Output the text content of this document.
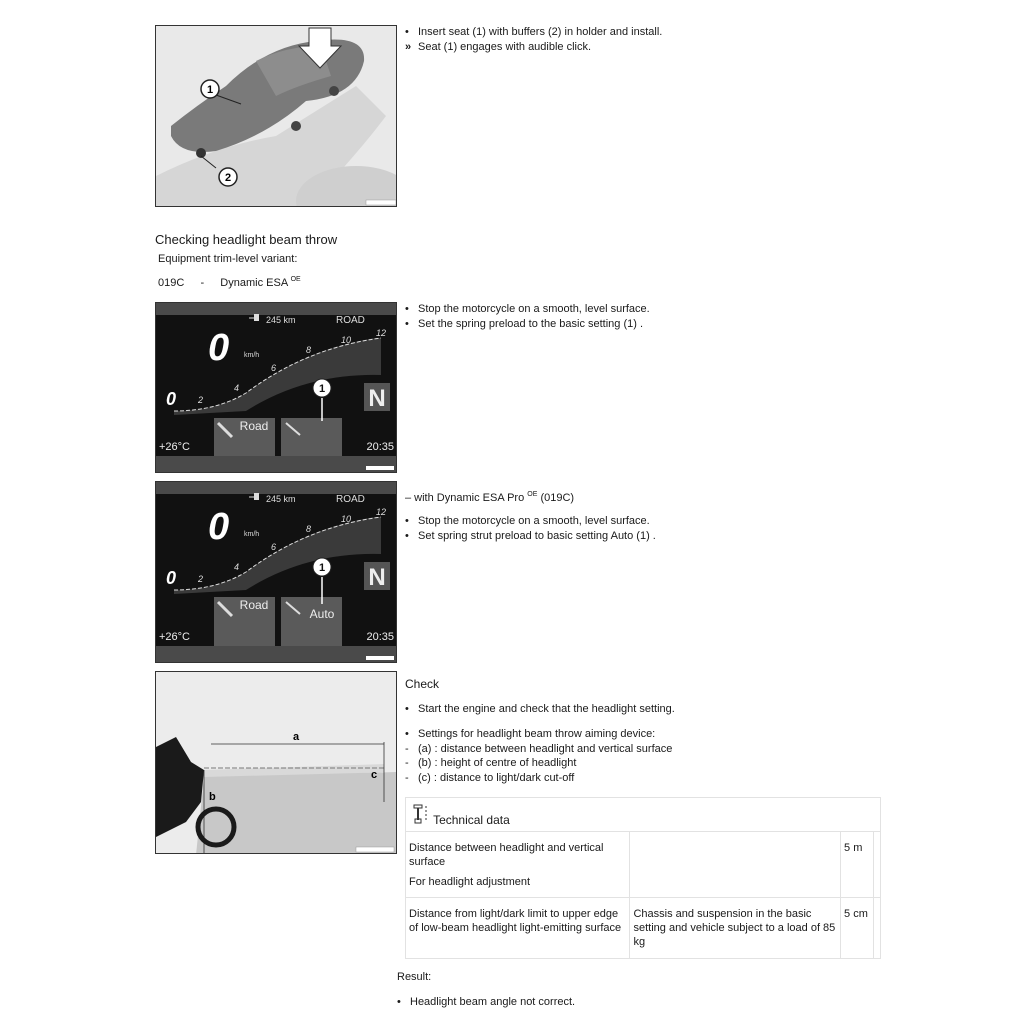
1
2
• Insert seat (1) with buffers (2) in holder and install.
» Seat (1) engages with audible click.
Checking headlight beam throw
Equipment trim-level variant:
019C - Dynamic ESA $^{OE}$
245 km	ROAD
0 km/h
2
4
6
8
10
12
0	N
Road
1
+26°C	20:35
• Stop the motorcycle on a smooth, level surface.
• Set the spring preload to the basic setting (1) .
– with Dynamic ESA Pro $^{OE}$ (019C)
245 km	ROAD
0 km/h
2
4
6
8
10
12
0	N
Road
Auto
1
+26°C	20:35
• Stop the motorcycle on a smooth, level surface.
• Set spring strut preload to basic setting Auto (1) .
a
c
b
Check
• Start the engine and check that the headlight setting.
• Settings for headlight beam throw aiming device:
- (a) : distance between headlight and vertical surface
- (b) : height of centre of headlight
- (c) : distance to light/dark cut-off
Technical data			

Distance between headlight and vertical surface
For headlight adjustment		5 m	
Distance from light/dark limit to upper edge of low-beam headlight light-emitting surface	Chassis and suspension in the basic setting and vehicle subject to a load of 85 kg	5 cm	
Result:
• Headlight beam angle not correct.
